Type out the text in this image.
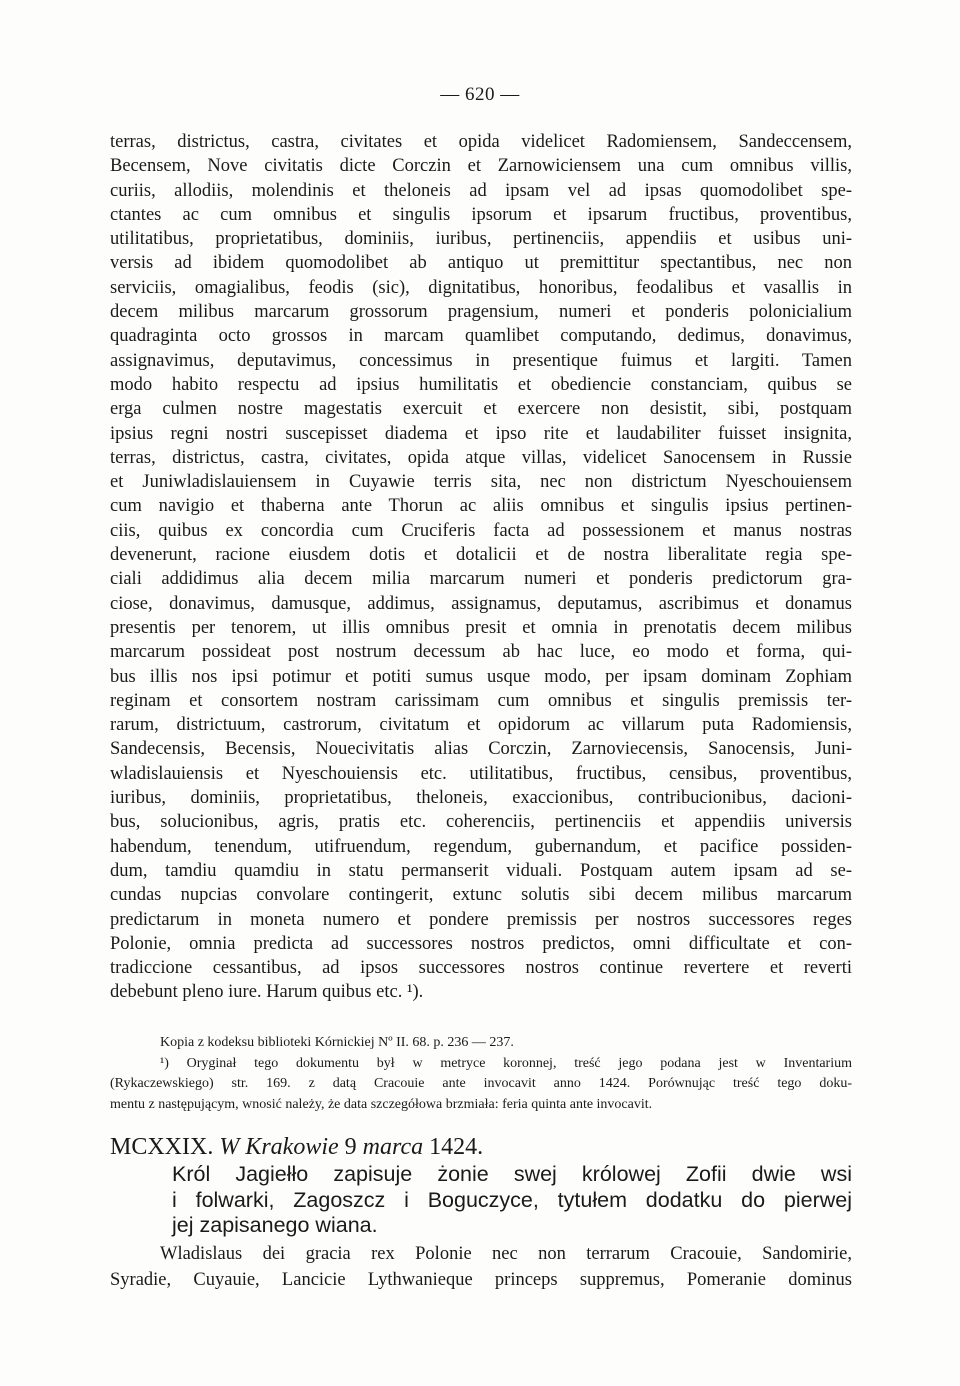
— 620 —
terras, districtus, castra, civitates et opida videlicet Radomiensem, Sandeccensem,
Becensem, Nove civitatis dicte Corczin et Zarnowiciensem una cum omnibus villis,
curiis, allodiis, molendinis et theloneis ad ipsam vel ad ipsas quomodolibet spe-
ctantes ac cum omnibus et singulis ipsorum et ipsarum fructibus, proventibus,
utilitatibus, proprietatibus, dominiis, iuribus, pertinenciis, appendiis et usibus uni-
versis ad ibidem quomodolibet ab antiquo ut premittitur spectantibus, nec non
serviciis, omagialibus, feodis (sic), dignitatibus, honoribus, feodalibus et vasallis in
decem milibus marcarum grossorum pragensium, numeri et ponderis polonicialium
quadraginta octo grossos in marcam quamlibet computando, dedimus, donavimus,
assignavimus, deputavimus, concessimus in presentique fuimus et largiti. Tamen
modo habito respectu ad ipsius humilitatis et obediencie constanciam, quibus se
erga culmen nostre magestatis exercuit et exercere non desistit, sibi, postquam
ipsius regni nostri suscepisset diadema et ipso rite et laudabiliter fuisset insignita,
terras, districtus, castra, civitates, opida atque villas, videlicet Sanocensem in Russie
et Juniwladislauiensem in Cuyawie terris sita, nec non districtum Nyeschouiensem
cum navigio et thaberna ante Thorun ac aliis omnibus et singulis ipsius pertinen-
ciis, quibus ex concordia cum Cruciferis facta ad possessionem et manus nostras
devenerunt, racione eiusdem dotis et dotalicii et de nostra liberalitate regia spe-
ciali addidimus alia decem milia marcarum numeri et ponderis predictorum gra-
ciose, donavimus, damusque, addimus, assignamus, deputamus, ascribimus et donamus
presentis per tenorem, ut illis omnibus presit et omnia in prenotatis decem milibus
marcarum possideat post nostrum decessum ab hac luce, eo modo et forma, qui-
bus illis nos ipsi potimur et potiti sumus usque modo, per ipsam dominam Zophiam
reginam et consortem nostram carissimam cum omnibus et singulis premissis ter-
rarum, districtuum, castrorum, civitatum et opidorum ac villarum puta Radomiensis,
Sandecensis, Becensis, Nouecivitatis alias Corczin, Zarnoviecensis, Sanocensis, Juni-
wladislauiensis et Nyeschouiensis etc. utilitatibus, fructibus, censibus, proventibus,
iuribus, dominiis, proprietatibus, theloneis, exaccionibus, contribucionibus, dacioni-
bus, solucionibus, agris, pratis etc. coherenciis, pertinenciis et appendiis universis
habendum, tenendum, utifruendum, regendum, gubernandum, et pacifice possiden-
dum, tamdiu quamdiu in statu permanserit viduali. Postquam autem ipsam ad se-
cundas nupcias convolare contingerit, extunc solutis sibi decem milibus marcarum
predictarum in moneta numero et pondere premissis per nostros successores reges
Polonie, omnia predicta ad successores nostros predictos, omni difficultate et con-
tradiccione cessantibus, ad ipsos successores nostros continue revertere et reverti
debebunt pleno iure. Harum quibus etc. ¹).
Kopia z kodeksu biblioteki Kórnickiej Nº II. 68. p. 236 — 237.
¹) Oryginał tego dokumentu był w metryce koronnej, treść jego podana jest w Inventarium
(Rykaczewskiego) str. 169. z datą Cracouie ante invocavit anno 1424. Porównując treść tego doku-
mentu z następującym, wnosić należy, że data szczegółowa brzmiała: feria quinta ante invocavit.
MCXXIX. W Krakowie 9 marca 1424.
Król Jagiełło zapisuje żonie swej królowej Zofii dwie wsi
i folwarki, Zagoszcz i Boguczyce, tytułem dodatku do pierwej
jej zapisanego wiana.
Wladislaus dei gracia rex Polonie nec non terrarum Cracouie, Sandomirie,
Syradie, Cuyauie, Lancicie Lythwanieque princeps suppremus, Pomeranie dominus
